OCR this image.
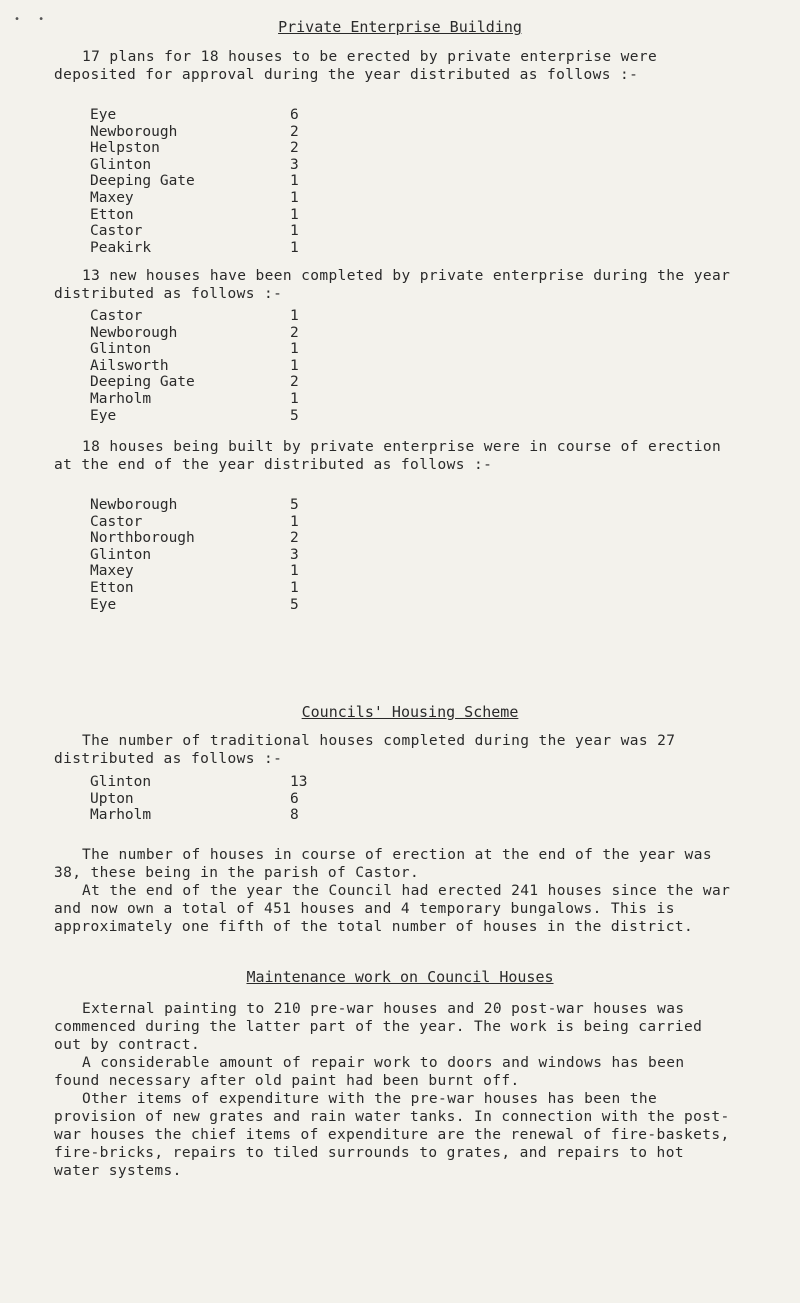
• •	Private Enterprise Building

17 plans for 18 houses to be erected by private enterprise were deposited for approval during the year distributed as follows :-

Eye	6
Newborough	2
Helpston	2
Glinton	3
Deeping Gate	1
Maxey	1
Etton	1
Castor	1
Peakirk	1

13 new houses have been completed by private enterprise during the year distributed as follows :-

Castor	1
Newborough	2
Glinton	1
Ailsworth	1
Deeping Gate	2
Marholm	1
Eye	5

18 houses being built by private enterprise were in course of erection at the end of the year distributed as follows :-

Newborough	5
Castor	1
Northborough	2
Glinton	3
Maxey	1
Etton	1
Eye	5
Councils' Housing Scheme

The number of traditional houses completed during the year was 27 distributed as follows :-

Glinton	13
Upton	6
Marholm	8

The number of houses in course of erection at the end of the year was 38, these being in the parish of Castor.

At the end of the year the Council had erected 241 houses since the war and now own a total of 451 houses and 4 temporary bungalows. This is approximately one fifth of the total number of houses in the district.

Maintenance work on Council Houses

External painting to 210 pre-war houses and 20 post-war houses was commenced during the latter part of the year. The work is being carried out by contract.

A considerable amount of repair work to doors and windows has been found necessary after old paint had been burnt off.

Other items of expenditure with the pre-war houses has been the provision of new grates and rain water tanks. In connection with the post-war houses the chief items of expenditure are the renewal of fire-baskets, fire-bricks, repairs to tiled surrounds to grates, and repairs to hot water systems.
